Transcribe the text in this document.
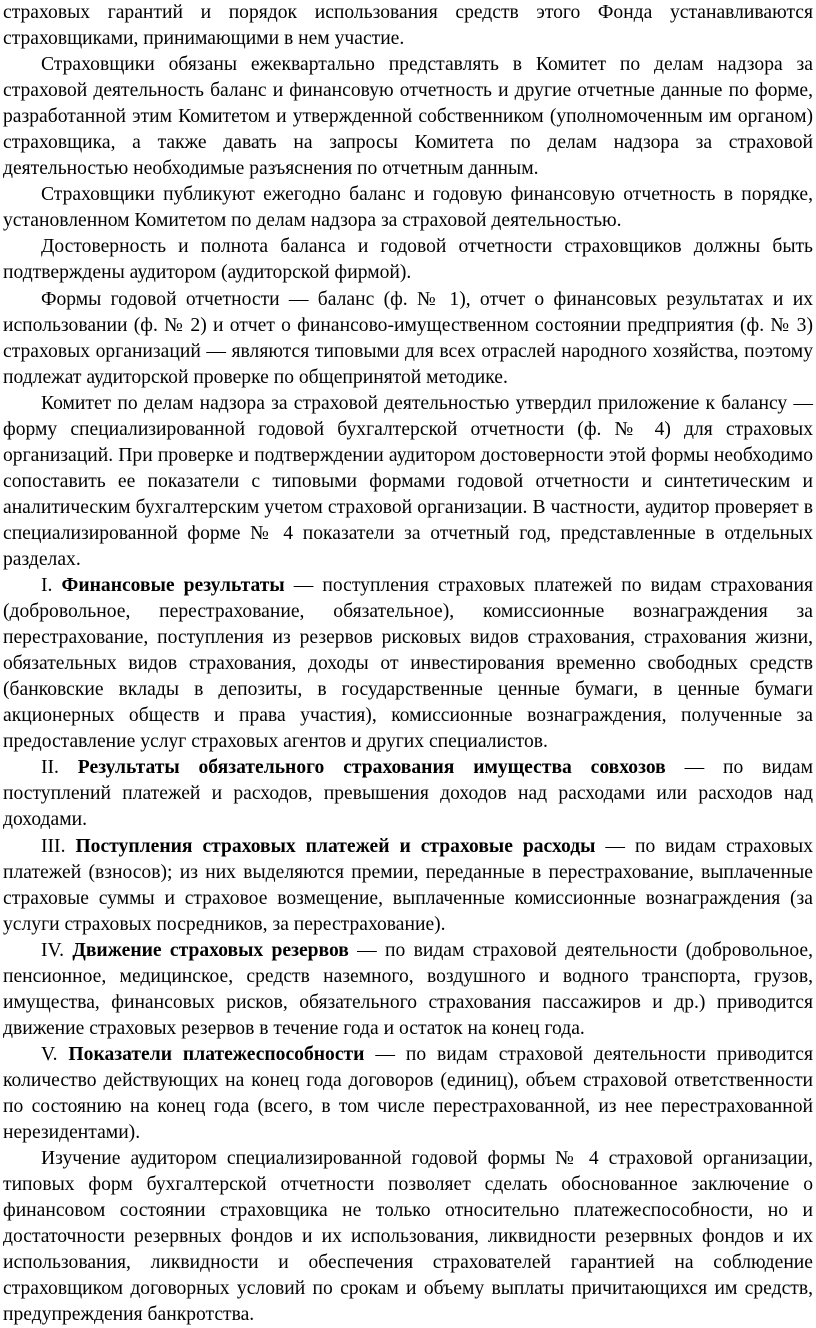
страховых гарантий и порядок использования средств этого Фонда устанавливаются страховщиками, принимающими в нем участие.

Страховщики обязаны ежеквартально представлять в Комитет по делам надзора за страховой деятельность баланс и финансовую отчетность и другие отчетные данные по форме, разработанной этим Комитетом и утвержденной собственником (уполномоченным им органом) страховщика, а также давать на запросы Комитета по делам надзора за страховой деятельностью необходимые разъяснения по отчетным данным.

Страховщики публикуют ежегодно баланс и годовую финансовую отчетность в порядке, установленном Комитетом по делам надзора за страховой деятельностью.

Достоверность и полнота баланса и годовой отчетности страховщиков должны быть подтверждены аудитором (аудиторской фирмой).

Формы годовой отчетности — баланс (ф. № 1), отчет о финансовых результатах и их использовании (ф. № 2) и отчет о финансово-имущественном состоянии предприятия (ф. № 3) страховых организаций — являются типовыми для всех отраслей народного хозяйства, поэтому подлежат аудиторской проверке по общепринятой методике.

Комитет по делам надзора за страховой деятельностью утвердил приложение к балансу — форму специализированной годовой бухгалтерской отчетности (ф. № 4) для страховых организаций. При проверке и подтверждении аудитором достоверности этой формы необходимо сопоставить ее показатели с типовыми формами годовой отчетности и синтетическим и аналитическим бухгалтерским учетом страховой организации. В частности, аудитор проверяет в специализированной форме № 4 показатели за отчетный год, представленные в отдельных разделах.

I. Финансовые результаты — поступления страховых платежей по видам страхования (добровольное, перестрахование, обязательное), комиссионные вознаграждения за перестрахование, поступления из резервов рисковых видов страхования, страхования жизни, обязательных видов страхования, доходы от инвестирования временно свободных средств (банковские вклады в депозиты, в государственные ценные бумаги, в ценные бумаги акционерных обществ и права участия), комиссионные вознаграждения, полученные за предоставление услуг страховых агентов и других специалистов.

II. Результаты обязательного страхования имущества совхозов — по видам поступлений платежей и расходов, превышения доходов над расходами или расходов над доходами.

III. Поступления страховых платежей и страховые расходы — по видам страховых платежей (взносов); из них выделяются премии, переданные в перестрахование, выплаченные страховые суммы и страховое возмещение, выплаченные комиссионные вознаграждения (за услуги страховых посредников, за перестрахование).

IV. Движение страховых резервов — по видам страховой деятельности (добровольное, пенсионное, медицинское, средств наземного, воздушного и водного транспорта, грузов, имущества, финансовых рисков, обязательного страхования пассажиров и др.) приводится движение страховых резервов в течение года и остаток на конец года.

V. Показатели платежеспособности — по видам страховой деятельности приводится количество действующих на конец года договоров (единиц), объем страховой ответственности по состоянию на конец года (всего, в том числе перестрахованной, из нее перестрахованной нерезидентами).

Изучение аудитором специализированной годовой формы № 4 страховой организации, типовых форм бухгалтерской отчетности позволяет сделать обоснованное заключение о финансовом состоянии страховщика не только относительно платежеспособности, но и достаточности резервных фондов и их использования, ликвидности резервных фондов и их использования, ликвидности и обеспечения страхователей гарантией на соблюдение страховщиком договорных условий по срокам и объему выплаты причитающихся им средств, предупреждения банкротства.
